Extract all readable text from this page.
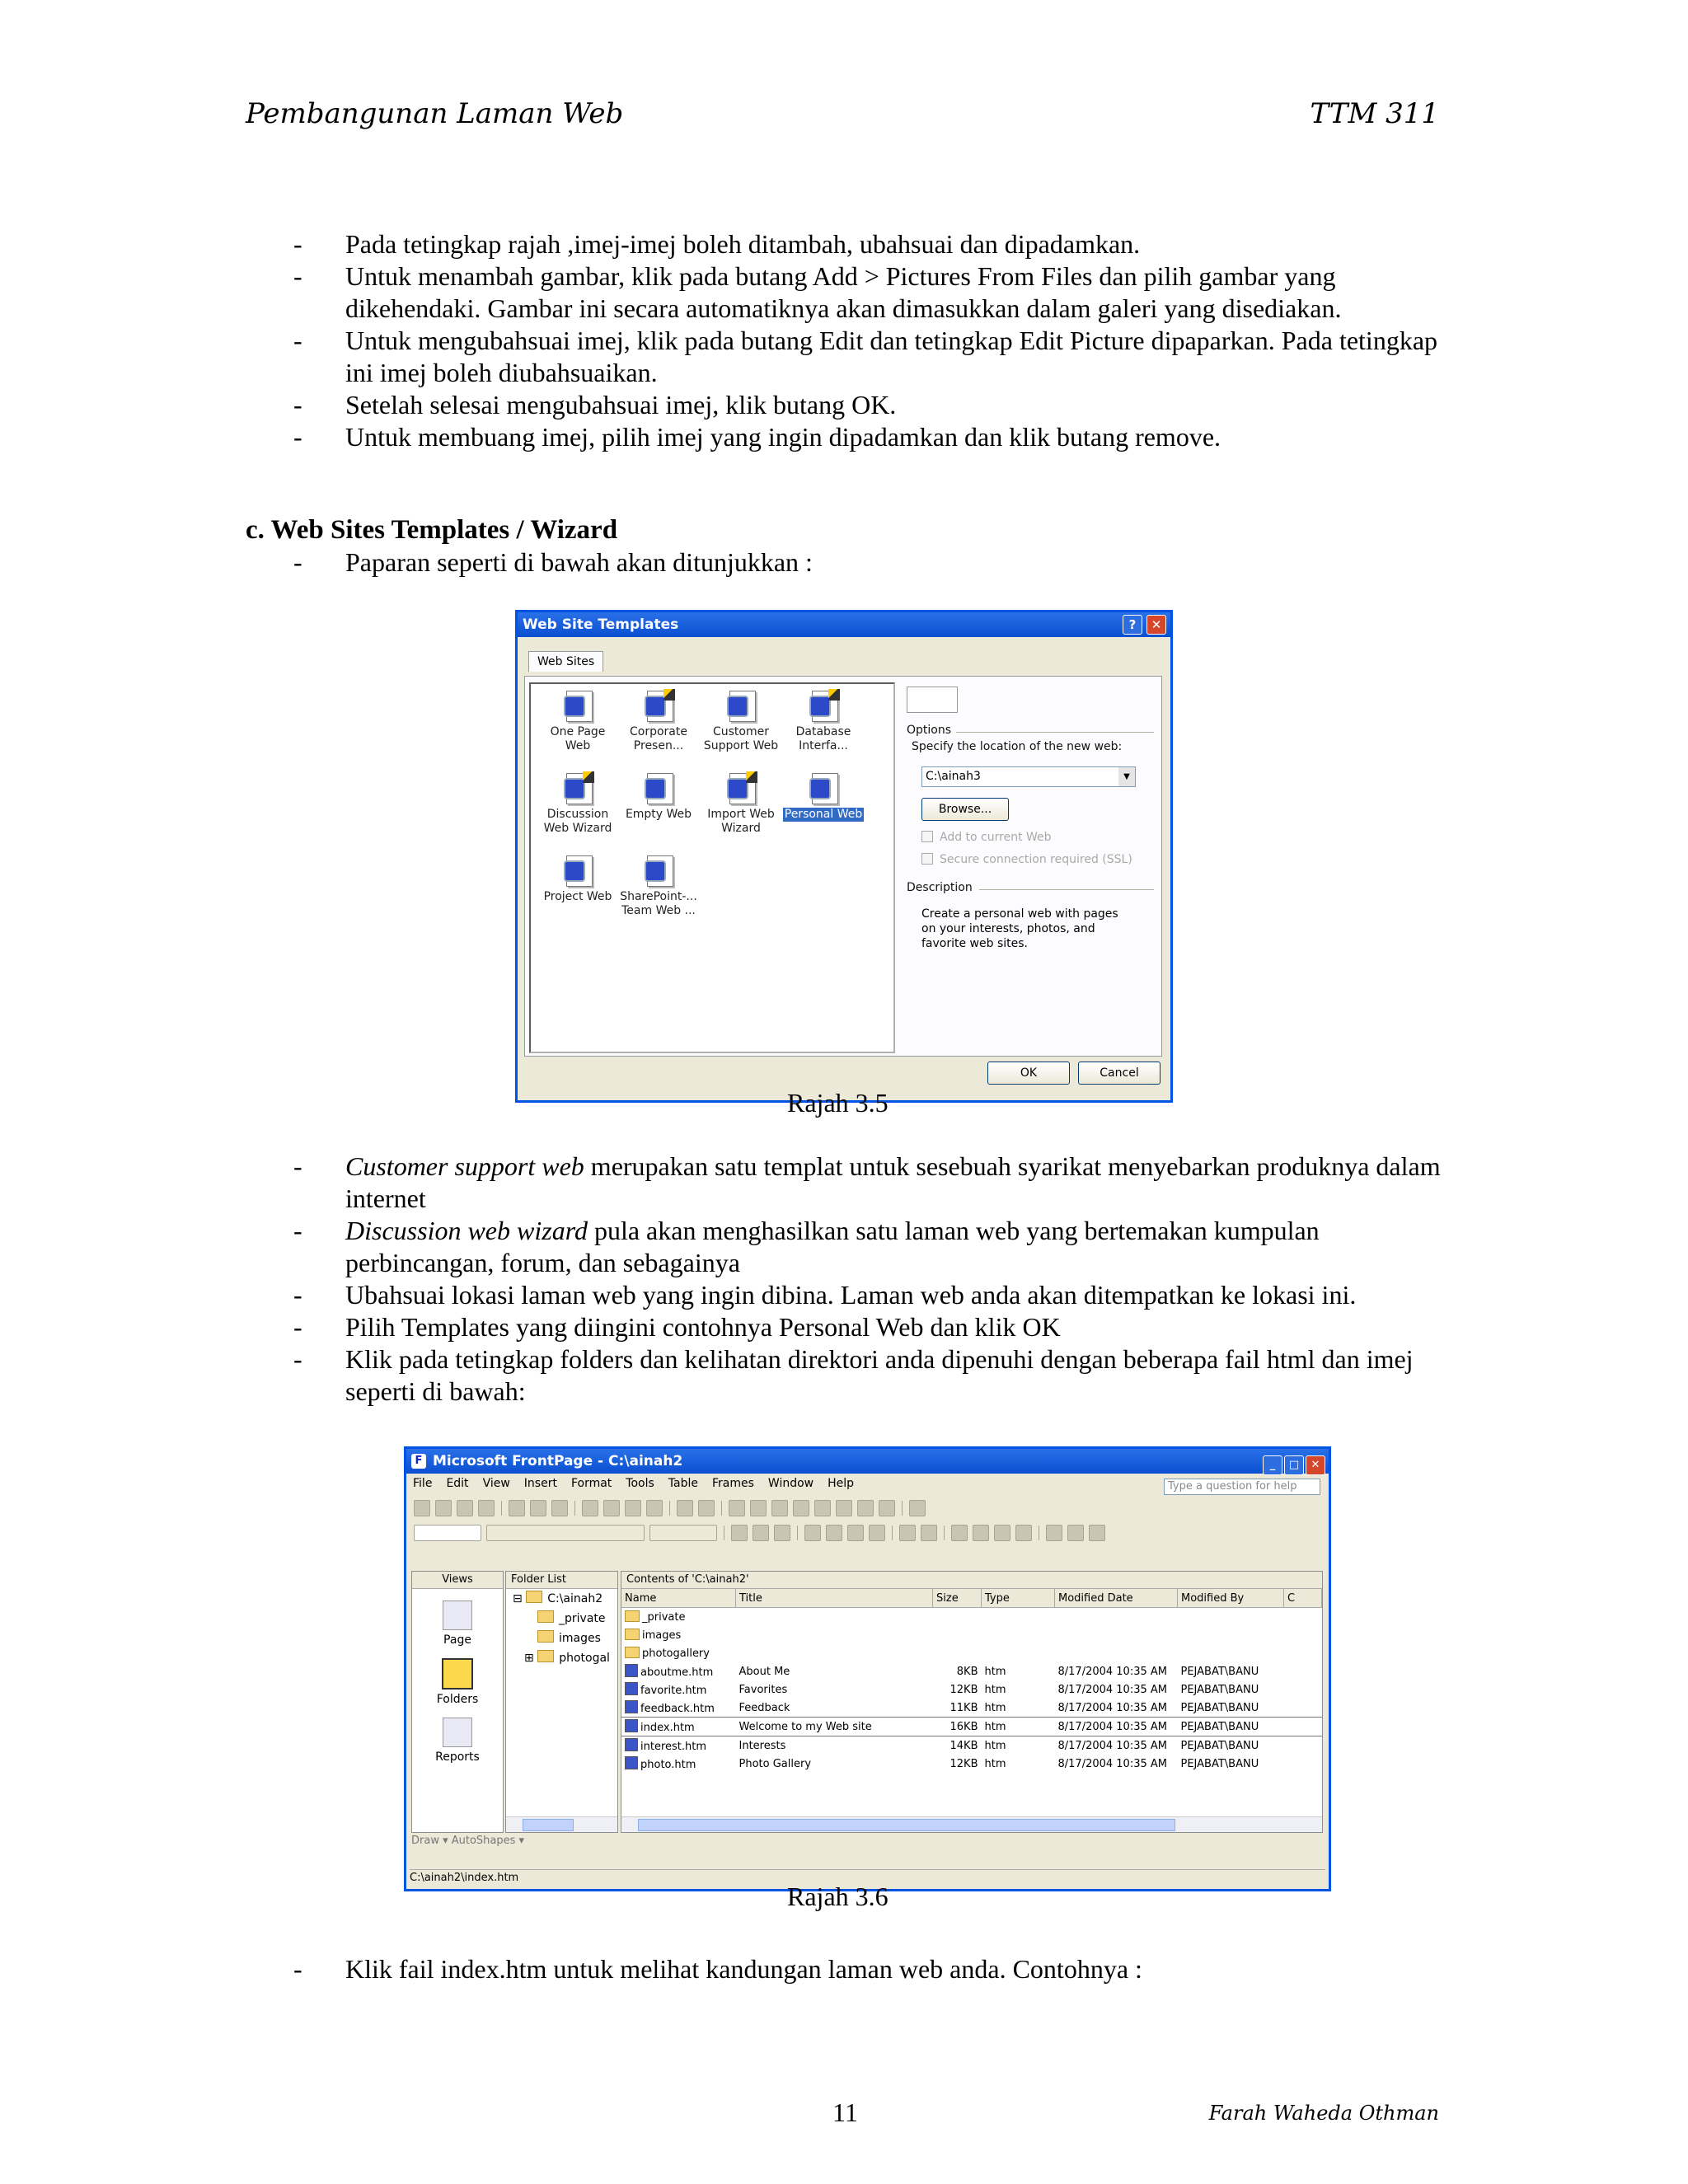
Pembangunan Laman Web	TTM 311
- Pada tetingkap rajah ,imej-imej boleh ditambah, ubahsuai dan dipadamkan.
- Untuk menambah gambar, klik pada butang Add > Pictures From Files dan pilih gambar yang dikehendaki. Gambar ini secara automatiknya akan dimasukkan dalam galeri yang disediakan.
- Untuk mengubahsuai imej, klik pada butang Edit dan tetingkap Edit Picture dipaparkan. Pada tetingkap ini imej boleh diubahsuaikan.
- Setelah selesai mengubahsuai imej, klik butang OK.
- Untuk membuang imej, pilih imej yang ingin dipadamkan dan klik butang remove.
c. Web Sites Templates / Wizard
- Paparan seperti di bawah akan ditunjukkan :
Web Site Templates	?	✕
Web Sites
One Page Web
Corporate Presen...
Customer Support Web
Database Interfa...
Discussion Web Wizard
Empty Web	Import Web Wizard
Personal Web
Project Web SharePoint-... Team Web ...
Options
Specify the location of the new web:
C:\ainah3	▼
Browse...
Add to current Web
Secure connection required (SSL)
Description
Create a personal web with pages on your interests, photos, and favorite web sites.
OK	Cancel
Rajah 3.5
- Customer support web merupakan satu templat untuk sesebuah syarikat menyebarkan produknya dalam internet
- Discussion web wizard pula akan menghasilkan satu laman web yang bertemakan kumpulan perbincangan, forum, dan sebagainya
- Ubahsuai lokasi laman web yang ingin dibina. Laman web anda akan ditempatkan ke lokasi ini.
- Pilih Templates yang diingini contohnya Personal Web dan klik OK
- Klik pada tetingkap folders dan kelihatan direktori anda dipenuhi dengan beberapa fail html dan imej seperti di bawah:
F Microsoft FrontPage - C:\ainah2	_ □ ✕
File Edit View Insert Format Tools Table Frames Window Help	Type a question for help
Views
Page
Folders
Reports
Folder List
⊟ C:\ainah2
_private
images
⊞ photogal
Contents of 'C:\ainah2'
Name	Title	Size	Type	Modified Date	Modified By	C
_private						
images						
photogallery						
aboutme.htm	About Me	8KB	htm	8/17/2004 10:35 AM	PEJABAT\BANU	
favorite.htm	Favorites	12KB	htm	8/17/2004 10:35 AM	PEJABAT\BANU	
feedback.htm	Feedback	11KB	htm	8/17/2004 10:35 AM	PEJABAT\BANU	
index.htm	Welcome to my Web site	16KB	htm	8/17/2004 10:35 AM	PEJABAT\BANU	
interest.htm	Interests	14KB	htm	8/17/2004 10:35 AM	PEJABAT\BANU	
photo.htm	Photo Gallery	12KB	htm	8/17/2004 10:35 AM	PEJABAT\BANU	
Draw ▾ AutoShapes ▾
C:\ainah2\index.htm
Rajah 3.6
- Klik fail index.htm untuk melihat kandungan laman web anda. Contohnya :
11	Farah Waheda Othman
